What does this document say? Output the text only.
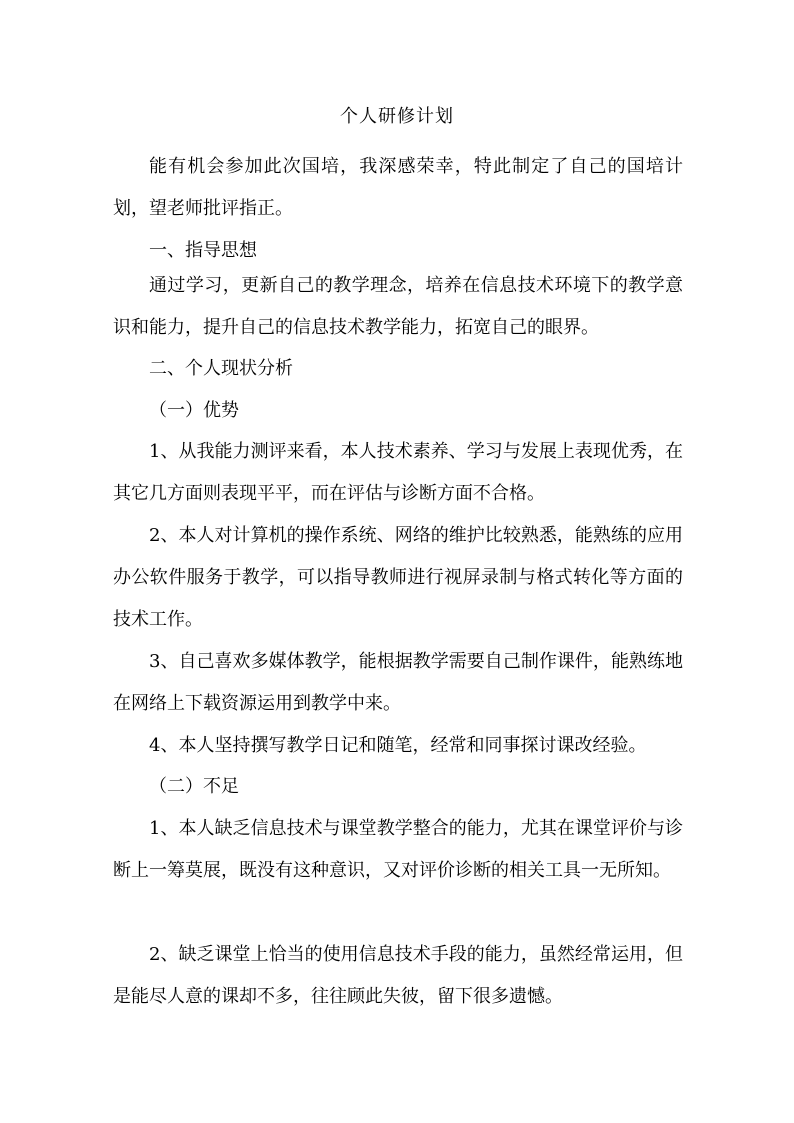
个人研修计划
能有机会参加此次国培，我深感荣幸，特此制定了自己的国培计划，望老师批评指正。
一、指导思想
通过学习，更新自己的教学理念，培养在信息技术环境下的教学意识和能力，提升自己的信息技术教学能力，拓宽自己的眼界。
二、个人现状分析
（一）优势
1、从我能力测评来看，本人技术素养、学习与发展上表现优秀，在其它几方面则表现平平，而在评估与诊断方面不合格。
2、本人对计算机的操作系统、网络的维护比较熟悉，能熟练的应用办公软件服务于教学，可以指导教师进行视屏录制与格式转化等方面的技术工作。
3、自己喜欢多媒体教学，能根据教学需要自己制作课件，能熟练地在网络上下载资源运用到教学中来。
4、本人坚持撰写教学日记和随笔，经常和同事探讨课改经验。
（二）不足
1、本人缺乏信息技术与课堂教学整合的能力，尤其在课堂评价与诊断上一筹莫展，既没有这种意识，又对评价诊断的相关工具一无所知。
2、缺乏课堂上恰当的使用信息技术手段的能力，虽然经常运用，但是能尽人意的课却不多，往往顾此失彼，留下很多遗憾。
